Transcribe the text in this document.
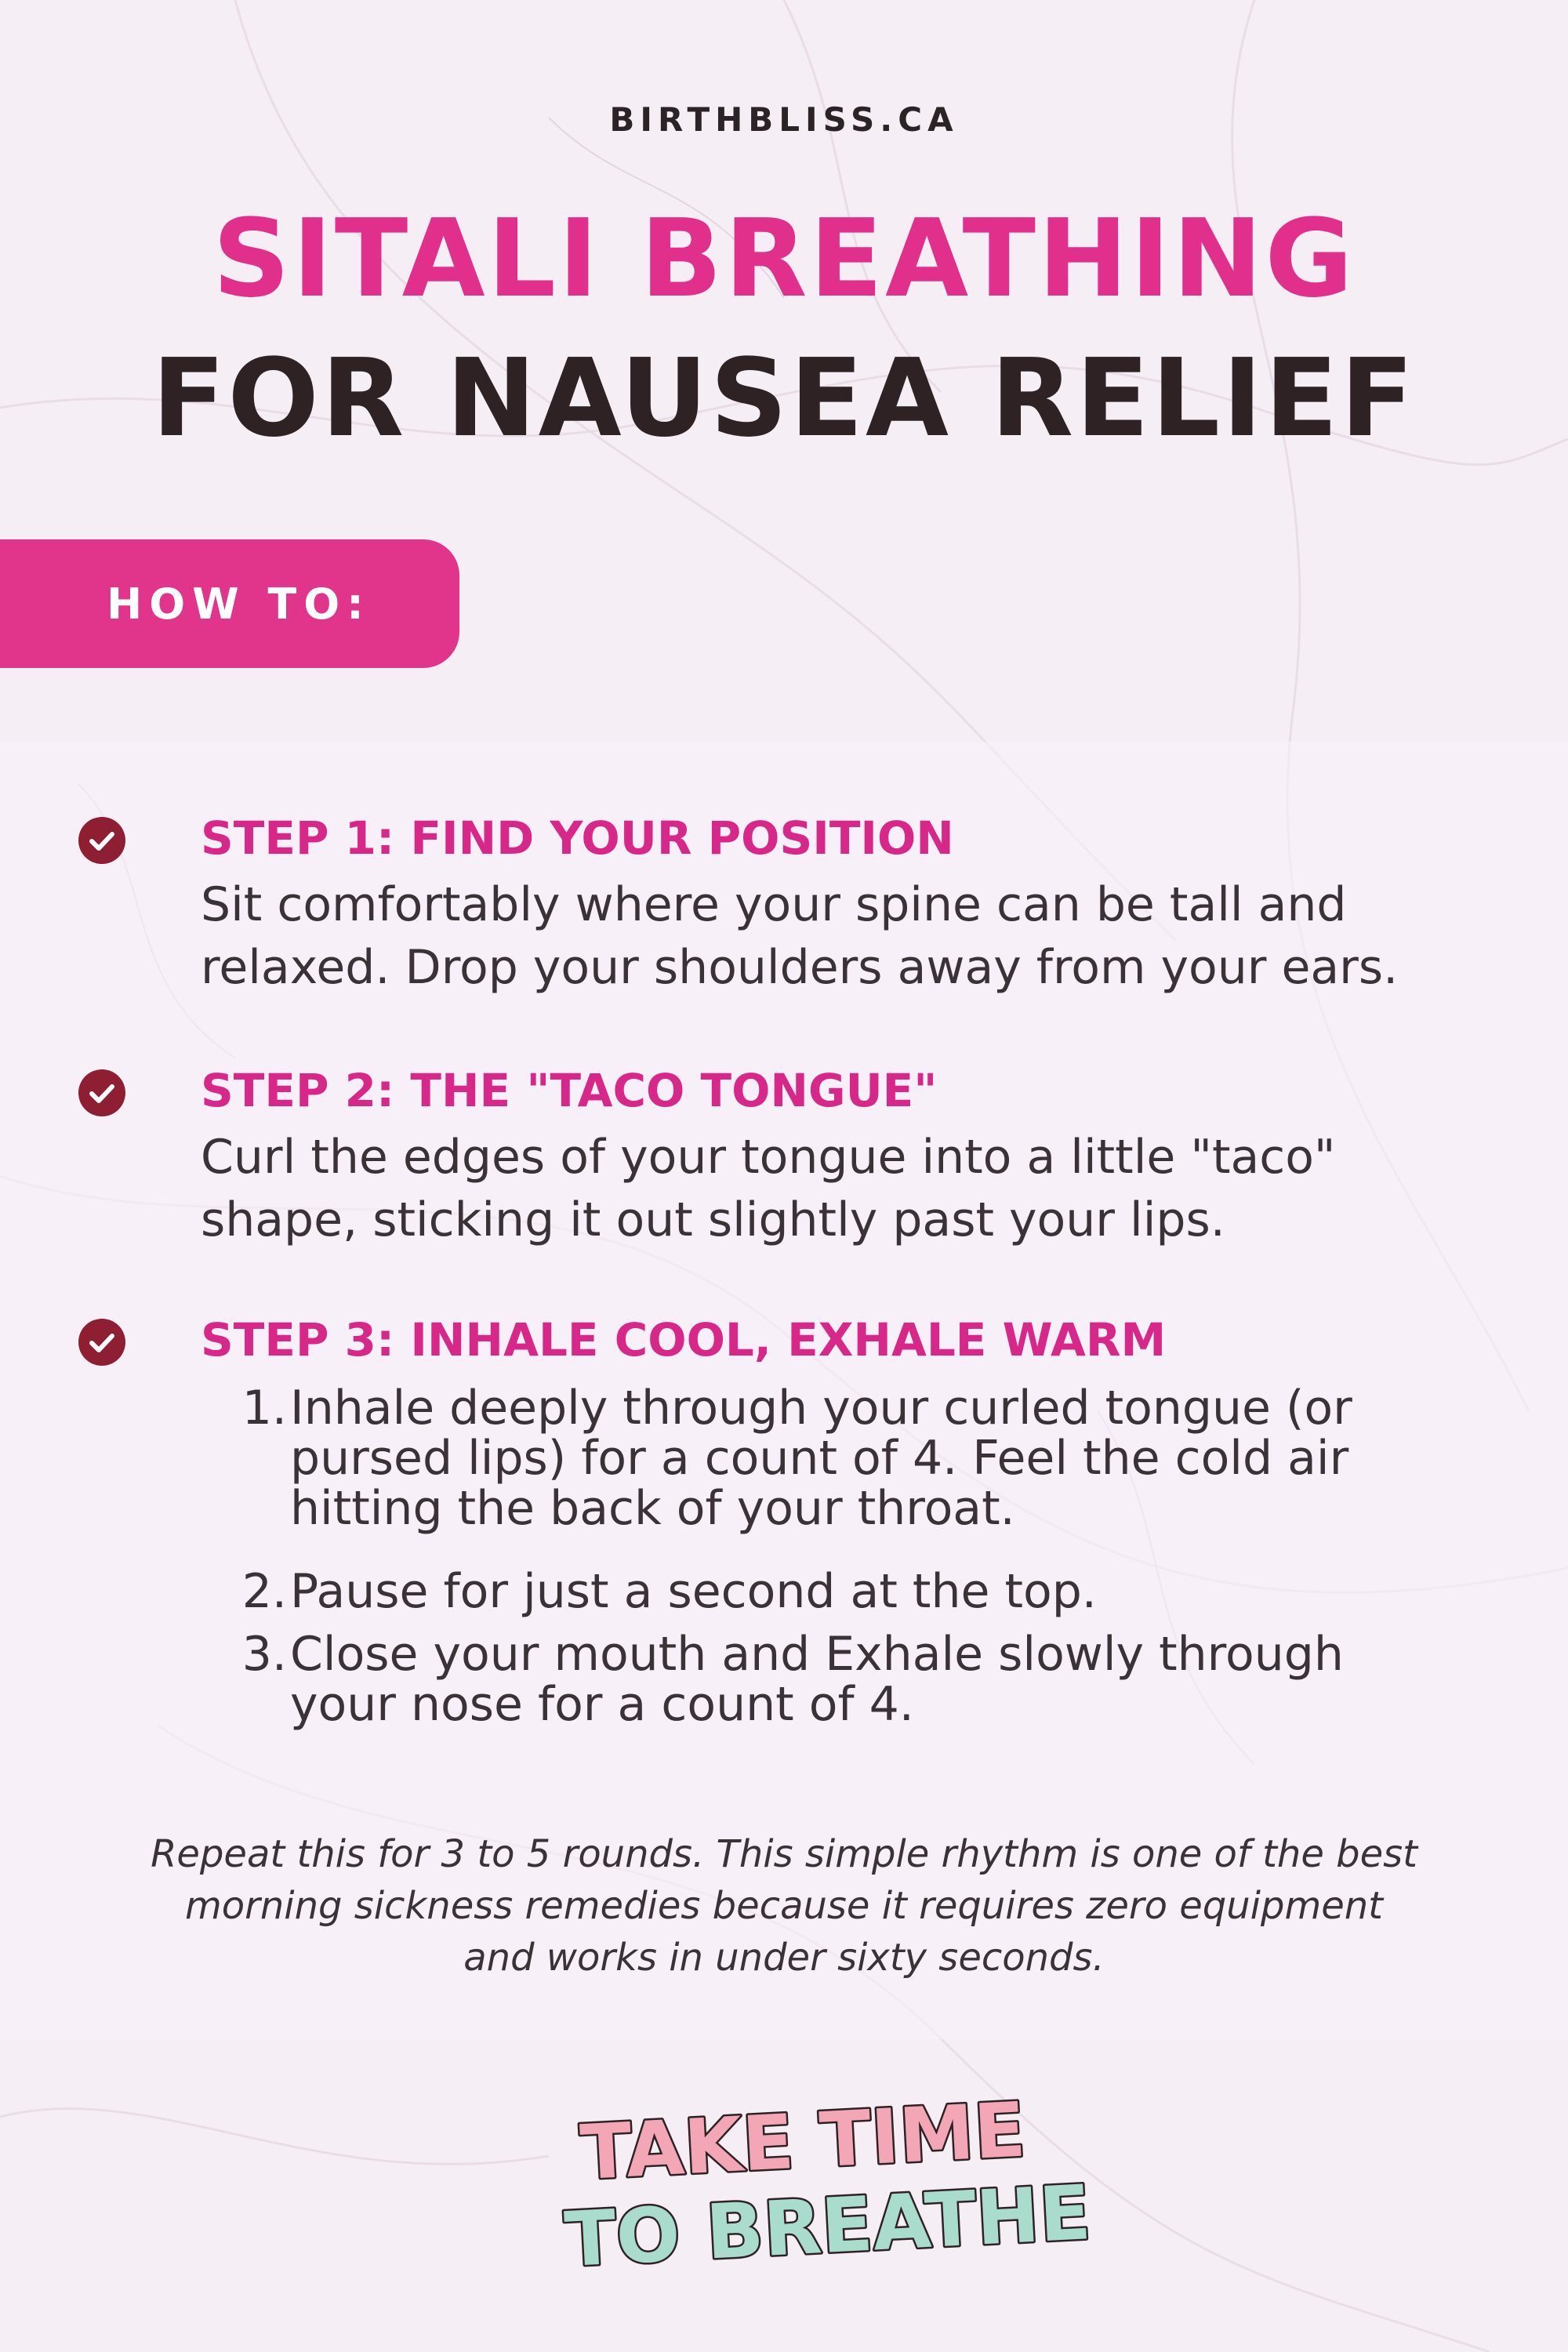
BIRTHBLISS.CA
SITALI BREATHING
FOR NAUSEA RELIEF
HOW TO:
STEP 1: FIND YOUR POSITION
Sit comfortably where your spine can be tall and
relaxed. Drop your shoulders away from your ears.
STEP 2: THE "TACO TONGUE"
Curl the edges of your tongue into a little "taco"
shape, sticking it out slightly past your lips.
STEP 3: INHALE COOL, EXHALE WARM
1. Inhale deeply through your curled tongue (or
pursed lips) for a count of 4. Feel the cold air
hitting the back of your throat.
2. Pause for just a second at the top.
3. Close your mouth and Exhale slowly through
your nose for a count of 4.
Repeat this for 3 to 5 rounds. This simple rhythm is one of the best
morning sickness remedies because it requires zero equipment
and works in under sixty seconds.
TAKE TIME
TO BREATHE
